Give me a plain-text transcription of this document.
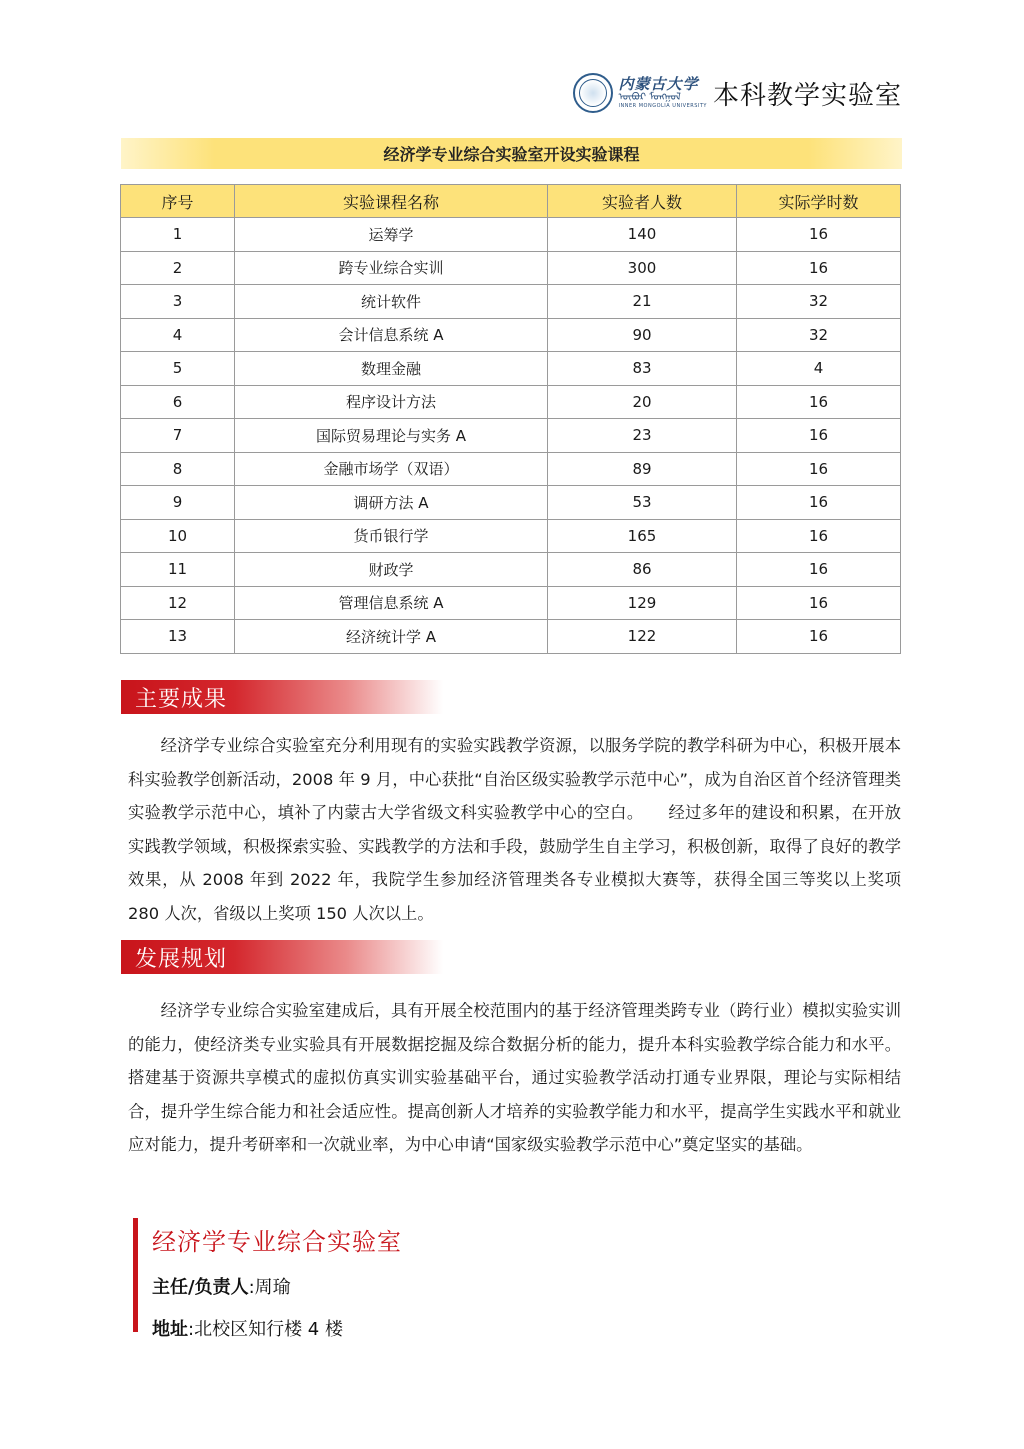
内蒙古大学
ᠥᠪᠥᠷ ᠮᠣᠩᠭᠣᠯ
INNER MONGOLIA UNIVERSITY 本科教学实验室
经济学专业综合实验室开设实验课程
序号	实验课程名称	实验者人数	实际学时数
1	运筹学	140	16
2	跨专业综合实训	300	16
3	统计软件	21	32
4	会计信息系统 A	90	32
5	数理金融	83	4
6	程序设计方法	20	16
7	国际贸易理论与实务 A	23	16
8	金融市场学（双语）	89	16
9	调研方法 A	53	16
10	货币银行学	165	16
11	财政学	86	16
12	管理信息系统 A	129	16
13	经济统计学 A	122	16
主要成果

经济学专业综合实验室充分利用现有的实验实践教学资源，以服务学院的教学科研为中心，积极开展本科实验教学创新活动，2008 年 9 月，中心获批“自治区级实验教学示范中心”，成为自治区首个经济管理类实验教学示范中心，填补了内蒙古大学省级文科实验教学中心的空白。　　经过多年的建设和积累，在开放实践教学领域，积极探索实验、实践教学的方法和手段，鼓励学生自主学习，积极创新，取得了良好的教学效果，从 2008 年到 2022 年，我院学生参加经济管理类各专业模拟大赛等，获得全国三等奖以上奖项 280 人次，省级以上奖项 150 人次以上。

发展规划

经济学专业综合实验室建成后，具有开展全校范围内的基于经济管理类跨专业（跨行业）模拟实验实训的能力，使经济类专业实验具有开展数据挖掘及综合数据分析的能力，提升本科实验教学综合能力和水平。搭建基于资源共享模式的虚拟仿真实训实验基础平台，通过实验教学活动打通专业界限，理论与实际相结合，提升学生综合能力和社会适应性。提高创新人才培养的实验教学能力和水平，提高学生实践水平和就业应对能力，提升考研率和一次就业率，为中心申请“国家级实验教学示范中心”奠定坚实的基础。

经济学专业综合实验室
主任/负责人:周瑜
地址:北校区知行楼 4 楼
